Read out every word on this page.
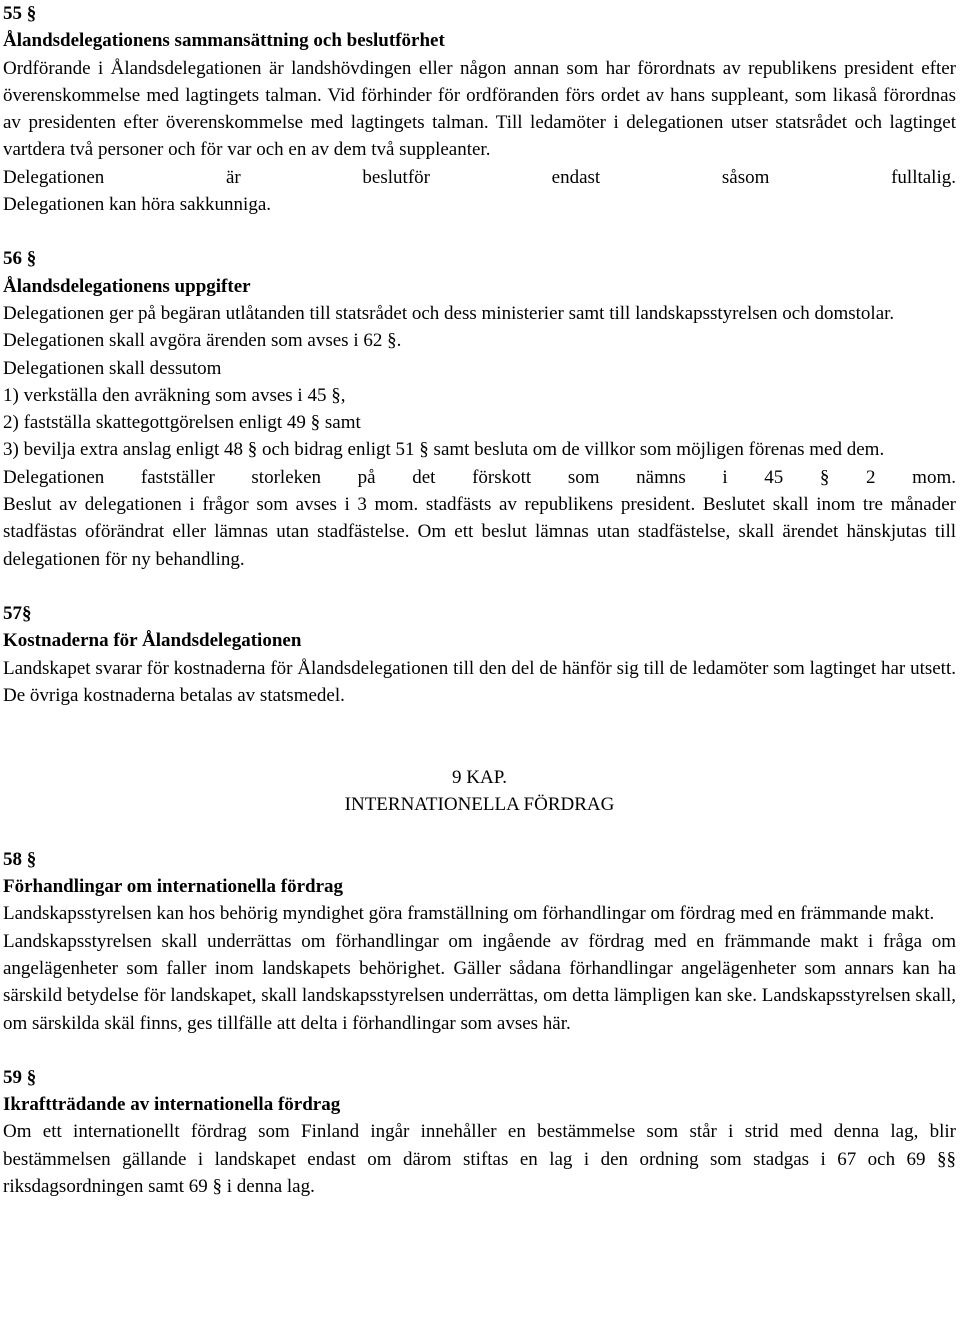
55 §
Ålandsdelegationens sammansättning och beslutförhet
Ordförande i Ålandsdelegationen är landshövdingen eller någon annan som har förordnats av republikens president efter överenskommelse med lagtingets talman. Vid förhinder för ordföranden förs ordet av hans suppleant, som likaså förordnas av presidenten efter överenskommelse med lagtingets talman. Till ledamöter i delegationen utser statsrådet och lagtinget vartdera två personer och för var och en av dem två suppleanter.
Delegationen är beslutför endast såsom fulltalig.
Delegationen kan höra sakkunniga.
56 §
Ålandsdelegationens uppgifter
Delegationen ger på begäran utlåtanden till statsrådet och dess ministerier samt till landskapsstyrelsen och domstolar.
Delegationen skall avgöra ärenden som avses i 62 §.
Delegationen skall dessutom
1) verkställa den avräkning som avses i 45 §,
2) fastställa skattegottgörelsen enligt 49 § samt
3) bevilja extra anslag enligt 48 § och bidrag enligt 51 § samt besluta om de villkor som möjligen förenas med dem.
Delegationen fastställer storleken på det förskott som nämns i 45 § 2 mom.
Beslut av delegationen i frågor som avses i 3 mom. stadfästs av republikens president. Beslutet skall inom tre månader stadfästas oförändrat eller lämnas utan stadfästelse. Om ett beslut lämnas utan stadfästelse, skall ärendet hänskjutas till delegationen för ny behandling.
57§
Kostnaderna för Ålandsdelegationen
Landskapet svarar för kostnaderna för Ålandsdelegationen till den del de hänför sig till de ledamöter som lagtinget har utsett. De övriga kostnaderna betalas av statsmedel.
9 KAP.
INTERNATIONELLA FÖRDRAG
58 §
Förhandlingar om internationella fördrag
Landskapsstyrelsen kan hos behörig myndighet göra framställning om förhandlingar om fördrag med en främmande makt.
Landskapsstyrelsen skall underrättas om förhandlingar om ingående av fördrag med en främmande makt i fråga om angelägenheter som faller inom landskapets behörighet. Gäller sådana förhandlingar angelägenheter som annars kan ha särskild betydelse för landskapet, skall landskapsstyrelsen underrättas, om detta lämpligen kan ske. Landskapsstyrelsen skall, om särskilda skäl finns, ges tillfälle att delta i förhandlingar som avses här.
59 §
Ikraftträdande av internationella fördrag
Om ett internationellt fördrag som Finland ingår innehåller en bestämmelse som står i strid med denna lag, blir bestämmelsen gällande i landskapet endast om därom stiftas en lag i den ordning som stadgas i 67 och 69 §§ riksdagsordningen samt 69 § i denna lag.
